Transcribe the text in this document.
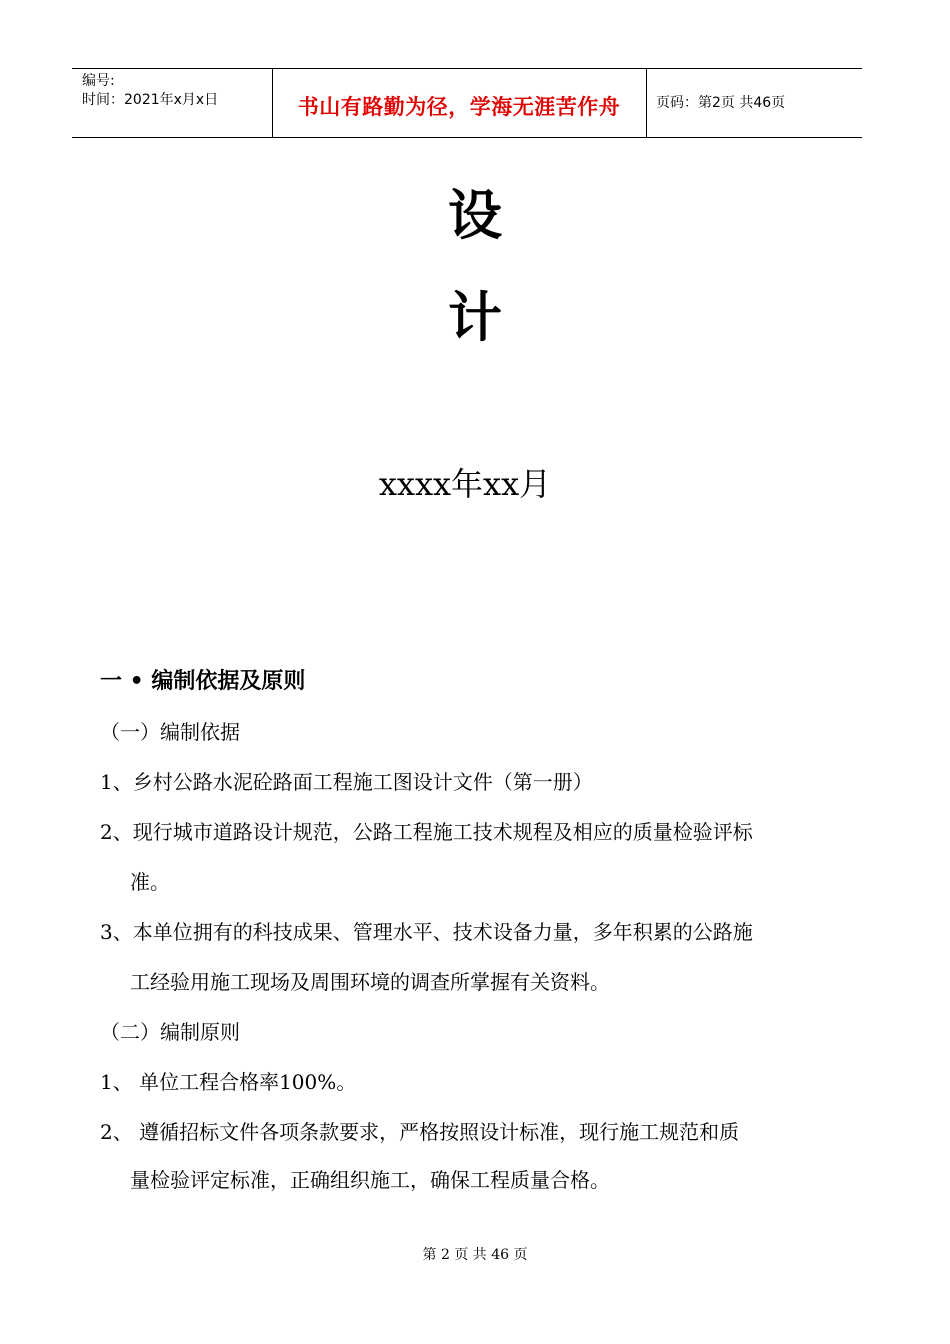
编号:
时间：2021年x月x日	书山有路勤为径，学海无涯苦作舟	页码：第2页 共46页
设
计
xxxx年xx月
一 • 编制依据及原则
（一）编制依据
1、乡村公路水泥砼路面工程施工图设计文件（第一册）
2、现行城市道路设计规范，公路工程施工技术规程及相应的质量检验评标
准。
3、本单位拥有的科技成果、管理水平、技术设备力量，多年积累的公路施
工经验用施工现场及周围环境的调查所掌握有关资料。
（二）编制原则
1、 单位工程合格率100%。
2、 遵循招标文件各项条款要求，严格按照设计标准，现行施工规范和质
量检验评定标准，正确组织施工，确保工程质量合格。
第 2 页 共 46 页
